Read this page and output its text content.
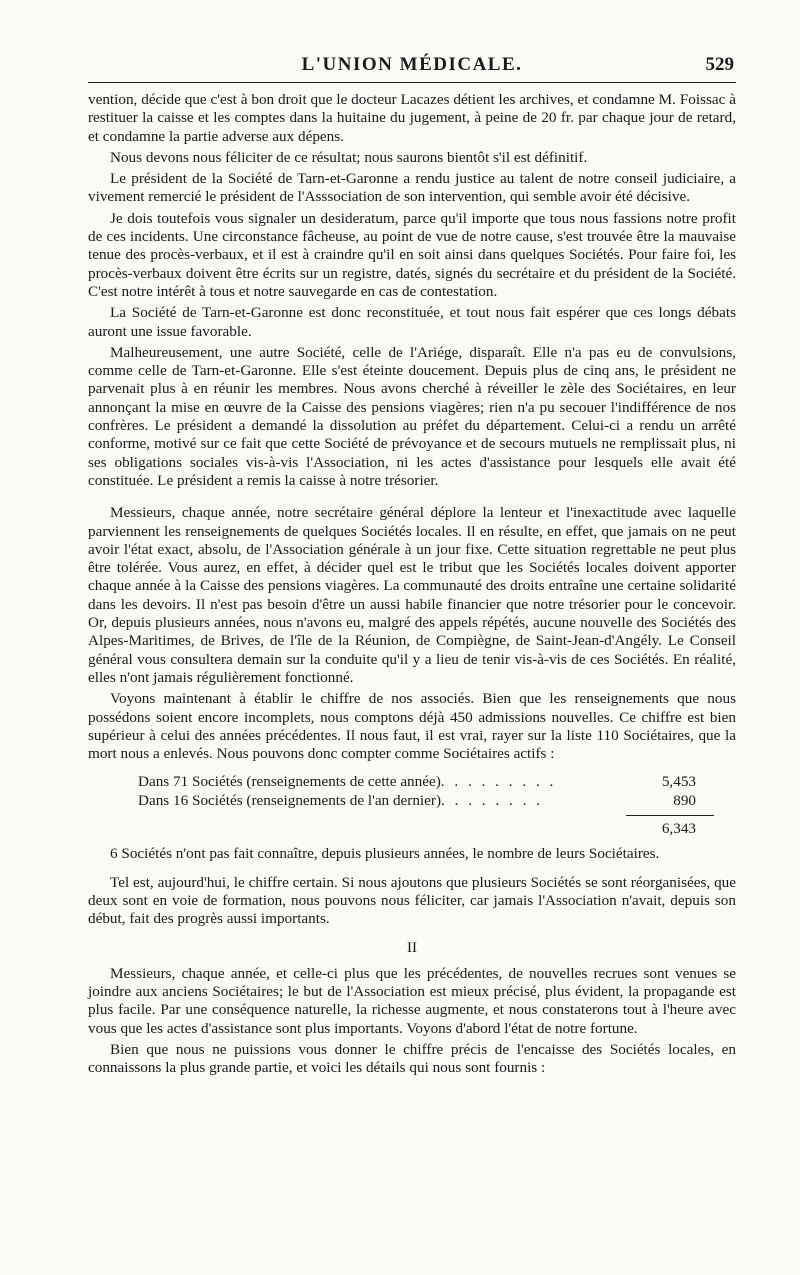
L'UNION MÉDICALE.	529

vention, décide que c'est à bon droit que le docteur Lacazes détient les archives, et condamne M. Foissac à restituer la caisse et les comptes dans la huitaine du jugement, à peine de 20 fr. par chaque jour de retard, et condamne la partie adverse aux dépens.

Nous devons nous féliciter de ce résultat; nous saurons bientôt s'il est définitif.

Le président de la Société de Tarn-et-Garonne a rendu justice au talent de notre conseil judiciaire, a vivement remercié le président de l'Asssociation de son intervention, qui semble avoir été décisive.

Je dois toutefois vous signaler un desideratum, parce qu'il importe que tous nous fassions notre profit de ces incidents. Une circonstance fâcheuse, au point de vue de notre cause, s'est trouvée être la mauvaise tenue des procès-verbaux, et il est à craindre qu'il en soit ainsi dans quelques Sociétés. Pour faire foi, les procès-verbaux doivent être écrits sur un registre, datés, signés du secrétaire et du président de la Société. C'est notre intérêt à tous et notre sauvegarde en cas de contestation.

La Société de Tarn-et-Garonne est donc reconstituée, et tout nous fait espérer que ces longs débats auront une issue favorable.

Malheureusement, une autre Société, celle de l'Ariége, disparaît. Elle n'a pas eu de convulsions, comme celle de Tarn-et-Garonne. Elle s'est éteinte doucement. Depuis plus de cinq ans, le président ne parvenait plus à en réunir les membres. Nous avons cherché à réveiller le zèle des Sociétaires, en leur annonçant la mise en œuvre de la Caisse des pensions viagères; rien n'a pu secouer l'indifférence de nos confrères. Le président a demandé la dissolution au préfet du département. Celui-ci a rendu un arrêté conforme, motivé sur ce fait que cette Société de prévoyance et de secours mutuels ne remplissait plus, ni ses obligations sociales vis-à-vis l'Association, ni les actes d'assistance pour lesquels elle avait été constituée. Le président a remis la caisse à notre trésorier.

Messieurs, chaque année, notre secrétaire général déplore la lenteur et l'inexactitude avec laquelle parviennent les renseignements de quelques Sociétés locales. Il en résulte, en effet, que jamais on ne peut avoir l'état exact, absolu, de l'Association générale à un jour fixe. Cette situation regrettable ne peut plus être tolérée. Vous aurez, en effet, à décider quel est le tribut que les Sociétés locales doivent apporter chaque année à la Caisse des pensions viagères. La communauté des droits entraîne une certaine solidarité dans les devoirs. Il n'est pas besoin d'être un aussi habile financier que notre trésorier pour le concevoir. Or, depuis plusieurs années, nous n'avons eu, malgré des appels répétés, aucune nouvelle des Sociétés des Alpes-Maritimes, de Brives, de l'île de la Réunion, de Compiègne, de Saint-Jean-d'Angély. Le Conseil général vous consultera demain sur la conduite qu'il y a lieu de tenir vis-à-vis de ces Sociétés. En réalité, elles n'ont jamais régulièrement fonctionné.

Voyons maintenant à établir le chiffre de nos associés. Bien que les renseignements que nous possédons soient encore incomplets, nous comptons déjà 450 admissions nouvelles. Ce chiffre est bien supérieur à celui des années précédentes. Il nous faut, il est vrai, rayer sur la liste 110 Sociétaires, que la mort nous a enlevés. Nous pouvons donc compter comme Sociétaires actifs :

Dans 71 Sociétés (renseignements de cette année) . . . . . . . . .	5,453
Dans 16 Sociétés (renseignements de l'an dernier) . . . . . . . .	890
6,343

6 Sociétés n'ont pas fait connaître, depuis plusieurs années, le nombre de leurs Sociétaires.

Tel est, aujourd'hui, le chiffre certain. Si nous ajoutons que plusieurs Sociétés se sont réorganisées, que deux sont en voie de formation, nous pouvons nous féliciter, car jamais l'Association n'avait, depuis son début, fait des progrès aussi importants.

II

Messieurs, chaque année, et celle-ci plus que les précédentes, de nouvelles recrues sont venues se joindre aux anciens Sociétaires; le but de l'Association est mieux précisé, plus évident, la propagande est plus facile. Par une conséquence naturelle, la richesse augmente, et nous constaterons tout à l'heure avec vous que les actes d'assistance sont plus importants. Voyons d'abord l'état de notre fortune.

Bien que nous ne puissions vous donner le chiffre précis de l'encaisse des Sociétés locales, en connaissons la plus grande partie, et voici les détails qui nous sont fournis :
